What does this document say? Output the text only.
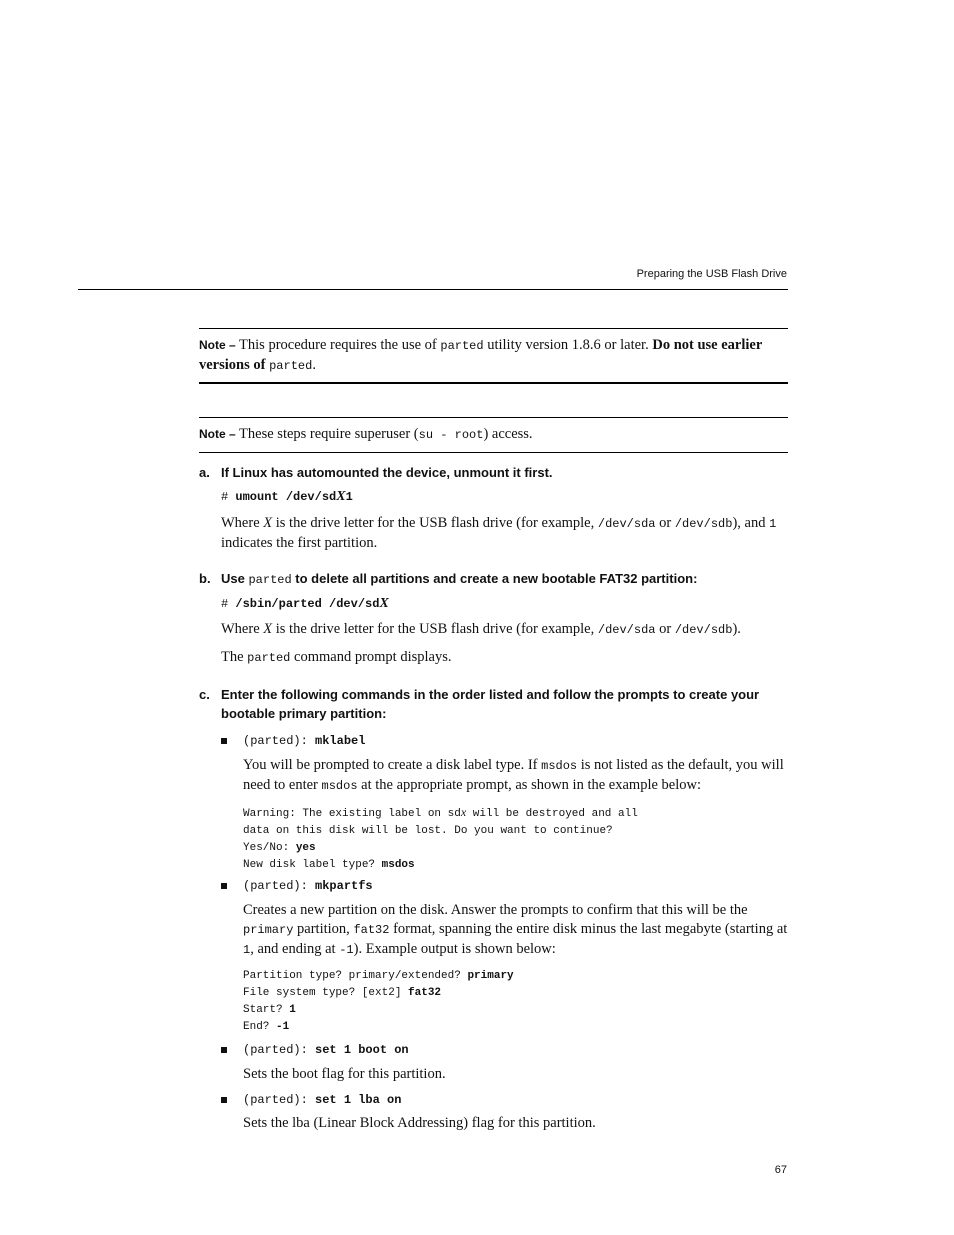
Preparing the USB Flash Drive
Note – This procedure requires the use of parted utility version 1.8.6 or later. Do not use earlier versions of parted.
Note – These steps require superuser (su - root) access.
a. If Linux has automounted the device, unmount it first.
# umount /dev/sdX1
Where X is the drive letter for the USB flash drive (for example, /dev/sda or /dev/sdb), and 1 indicates the first partition.
b. Use parted to delete all partitions and create a new bootable FAT32 partition:
# /sbin/parted /dev/sdX
Where X is the drive letter for the USB flash drive (for example, /dev/sda or /dev/sdb).
The parted command prompt displays.
c. Enter the following commands in the order listed and follow the prompts to create your bootable primary partition:
(parted): mklabel
You will be prompted to create a disk label type. If msdos is not listed as the default, you will need to enter msdos at the appropriate prompt, as shown in the example below:
Warning: The existing label on sdx will be destroyed and all
data on this disk will be lost. Do you want to continue?
Yes/No: yes
New disk label type? msdos
(parted): mkpartfs
Creates a new partition on the disk. Answer the prompts to confirm that this will be the primary partition, fat32 format, spanning the entire disk minus the last megabyte (starting at 1, and ending at -1). Example output is shown below:
Partition type? primary/extended? primary
File system type? [ext2] fat32
Start? 1
End? -1
(parted): set 1 boot on
Sets the boot flag for this partition.
(parted): set 1 lba on
Sets the lba (Linear Block Addressing) flag for this partition.
67
